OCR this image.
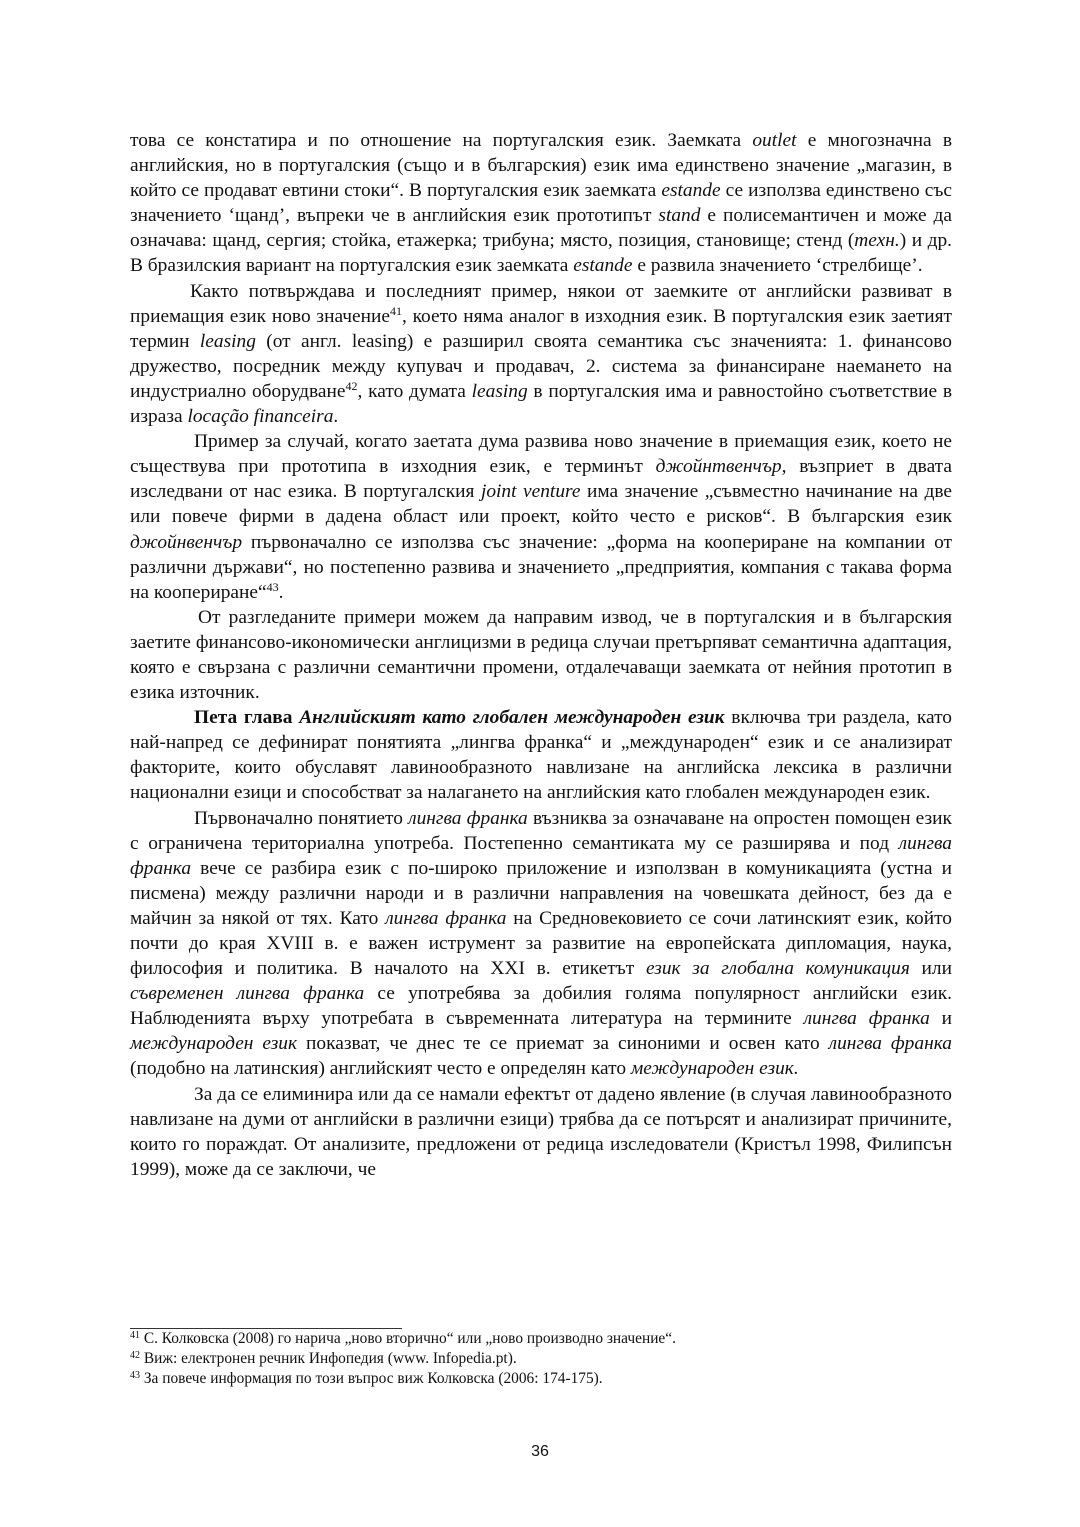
това се констатира и по отношение на португалския език. Заемката outlet е многозначна в английския, но в португалския (също и в българския) език има единствено значение „магазин, в който се продават евтини стоки“. В португалския език заемката estande се използва единствено със значението ‘щанд’, въпреки че в английския език прототипът stand е полисемантичен и може да означава: щанд, сергия; стойка, етажерка; трибуна; място, позиция, становище; стенд (техн.) и др. В бразилския вариант на португалския език заемката estande е развила значението ‘стрелбище’.

Както потвърждава и последният пример, някои от заемките от английски развиват в приемащия език ново значение$^{41}$, което няма аналог в изходния език. В португалския език заетият термин leasing (от англ. leasing) е разширил своята семантика със значенията: 1. финансово дружество, посредник между купувач и продавач, 2. система за финансиране наемането на индустриално оборудване$^{42}$, като думата leasing в португалския има и равностойно съответствие в израза locação financeira.

Пример за случай, когато заетата дума развива ново значение в приемащия език, което не съществува при прототипа в изходния език, е терминът джойнтвенчър, възприет в двата изследвани от нас езика. В португалския joint venture има значение „съвместно начинание на две или повече фирми в дадена област или проект, който често е рисков“. В българския език джойнвенчър първоначално се използва със значение: „форма на коопериране на компании от различни държави“, но постепенно развива и значението „предприятия, компания с такава форма на коопериране“$^{43}$.

От разгледаните примери можем да направим извод, че в португалския и в българския заетите финансово-икономически англицизми в редица случаи претърпяват семантична адаптация, която е свързана с различни семантични промени, отдалечаващи заемката от нейния прототип в езика източник.

Пета глава Английският като глобален международен език включва три раздела, като най-напред се дефинират понятията „лингва франка“ и „международен“ език и се анализират факторите, които обуславят лавинообразното навлизане на английска лексика в различни национални езици и способстват за налагането на английския като глобален международен език.

Първоначално понятието лингва франка възниква за означаване на опростен помощен език с ограничена териториална употреба. Постепенно семантиката му се разширява и под лингва франка вече се разбира език с по-широко приложение и използван в комуникацията (устна и писмена) между различни народи и в различни направления на човешката дейност, без да е майчин за някой от тях. Като лингва франка на Средновековието се сочи латинският език, който почти до края XVIII в. е важен иструмент за развитие на европейската дипломация, наука, философия и политика. В началото на XXI в. етикетът език за глобална комуникация или съвременен лингва франка се употребява за добилия голяма популярност английски език. Наблюденията върху употребата в съвременната литература на термините лингва франка и международен език показват, че днес те се приемат за синоними и освен като лингва франка (подобно на латинския) английският често е определян като международен език.

За да се елиминира или да се намали ефектът от дадено явление (в случая лавинообразното навлизане на думи от английски в различни езици) трябва да се потърсят и анализират причините, които го пораждат. От анализите, предложени от редица изследователи (Кристъл 1998, Филипсън 1999), може да се заключи, че

$^{41}$ С. Колковска (2008) го нарича „ново вторично“ или „ново производно значение“.
$^{42}$ Виж: електронен речник Инфопедия (www. Infopedia.pt).
$^{43}$ За повече информация по този въпрос виж Колковска (2006: 174-175).
36
